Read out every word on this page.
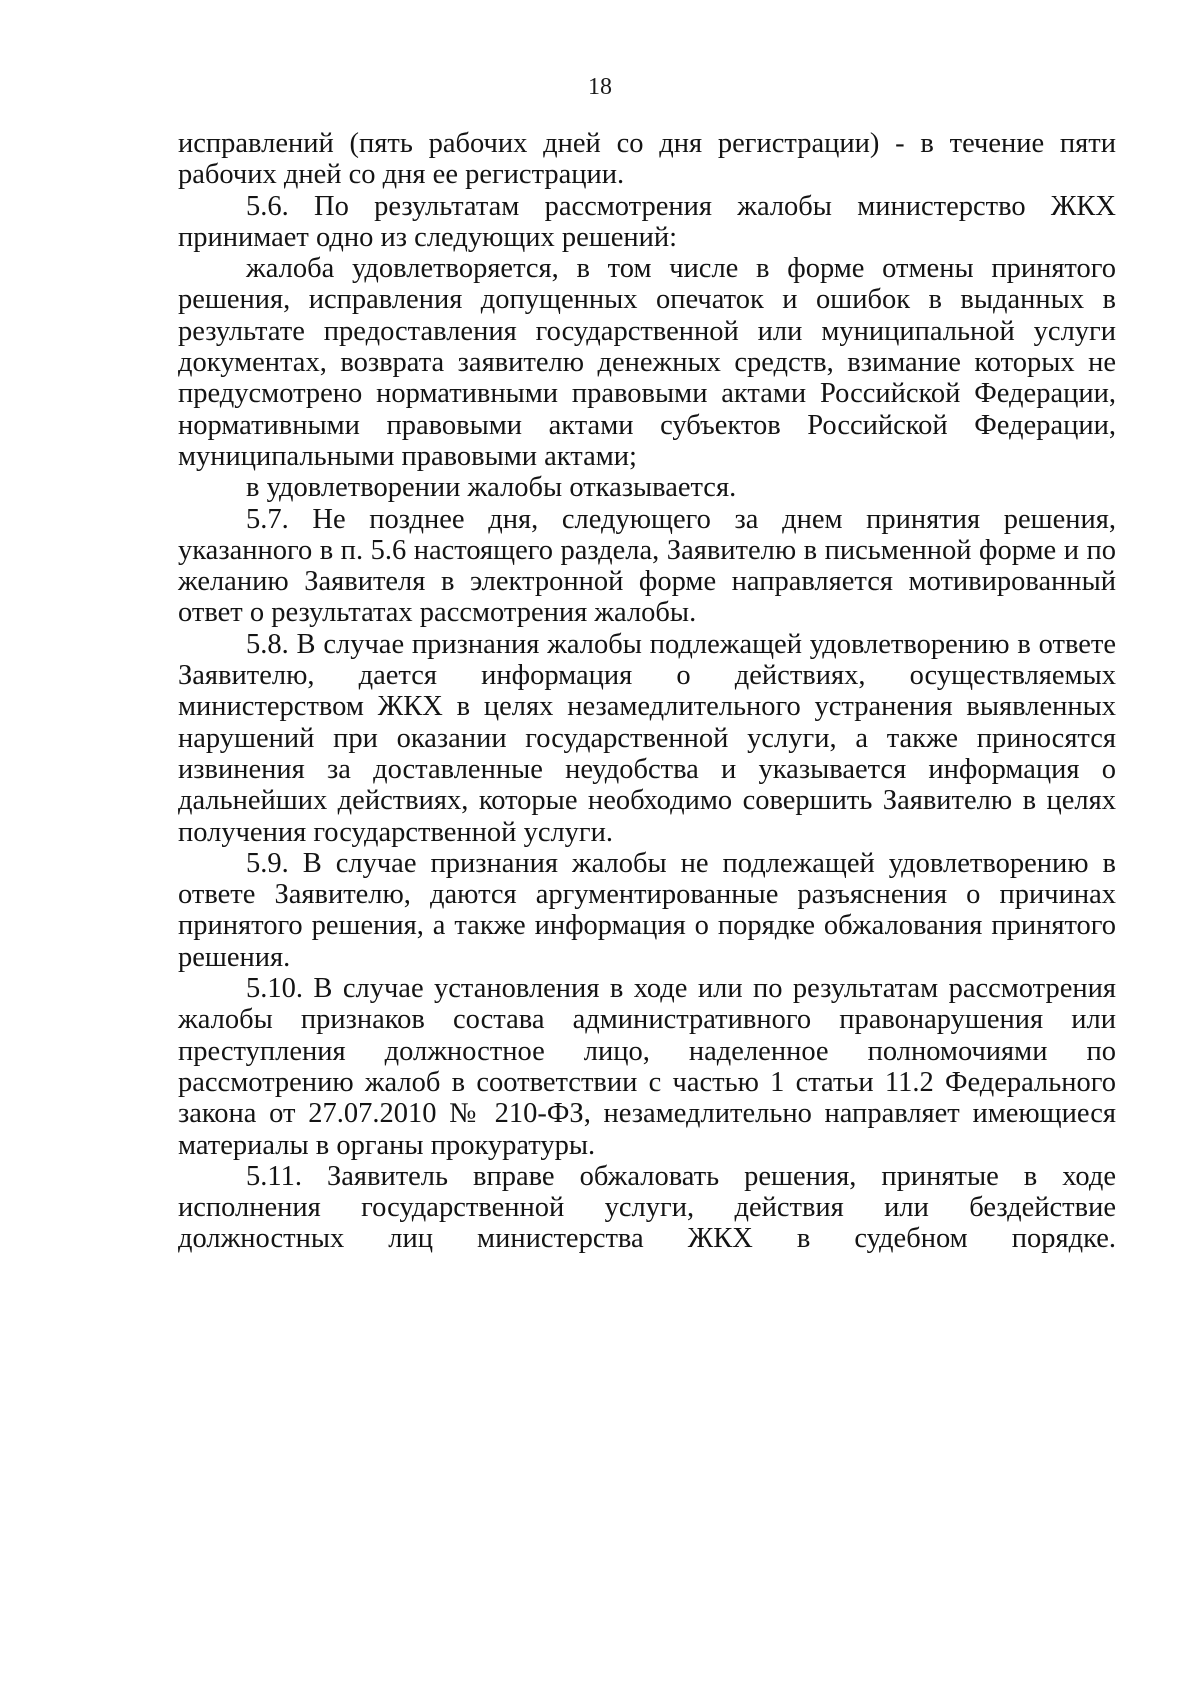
18

исправлений (пять рабочих дней со дня регистрации) - в течение пяти рабочих дней со дня ее регистрации.

5.6. По результатам рассмотрения жалобы министерство ЖКХ принимает одно из следующих решений:

жалоба удовлетворяется, в том числе в форме отмены принятого решения, исправления допущенных опечаток и ошибок в выданных в результате предоставления государственной или муниципальной услуги документах, возврата заявителю денежных средств, взимание которых не предусмотрено нормативными правовыми актами Российской Федерации, нормативными правовыми актами субъектов Российской Федерации, муниципальными правовыми актами;

в удовлетворении жалобы отказывается.

5.7. Не позднее дня, следующего за днем принятия решения, указанного в п. 5.6 настоящего раздела, Заявителю в письменной форме и по желанию Заявителя в электронной форме направляется мотивированный ответ о результатах рассмотрения жалобы.

5.8. В случае признания жалобы подлежащей удовлетворению в ответе Заявителю, дается информация о действиях, осуществляемых министерством ЖКХ в целях незамедлительного устранения выявленных нарушений при оказании государственной услуги, а также приносятся извинения за доставленные неудобства и указывается информация о дальнейших действиях, которые необходимо совершить Заявителю в целях получения государственной услуги.

5.9. В случае признания жалобы не подлежащей удовлетворению в ответе Заявителю, даются аргументированные разъяснения о причинах принятого решения, а также информация о порядке обжалования принятого решения.

5.10. В случае установления в ходе или по результатам рассмотрения жалобы признаков состава административного правонарушения или преступления должностное лицо, наделенное полномочиями по рассмотрению жалоб в соответствии с частью 1 статьи 11.2 Федерального закона от 27.07.2010 № 210-ФЗ, незамедлительно направляет имеющиеся материалы в органы прокуратуры.

5.11. Заявитель вправе обжаловать решения, принятые в ходе исполнения государственной услуги, действия или бездействие должностных лиц министерства ЖКХ в судебном порядке.
